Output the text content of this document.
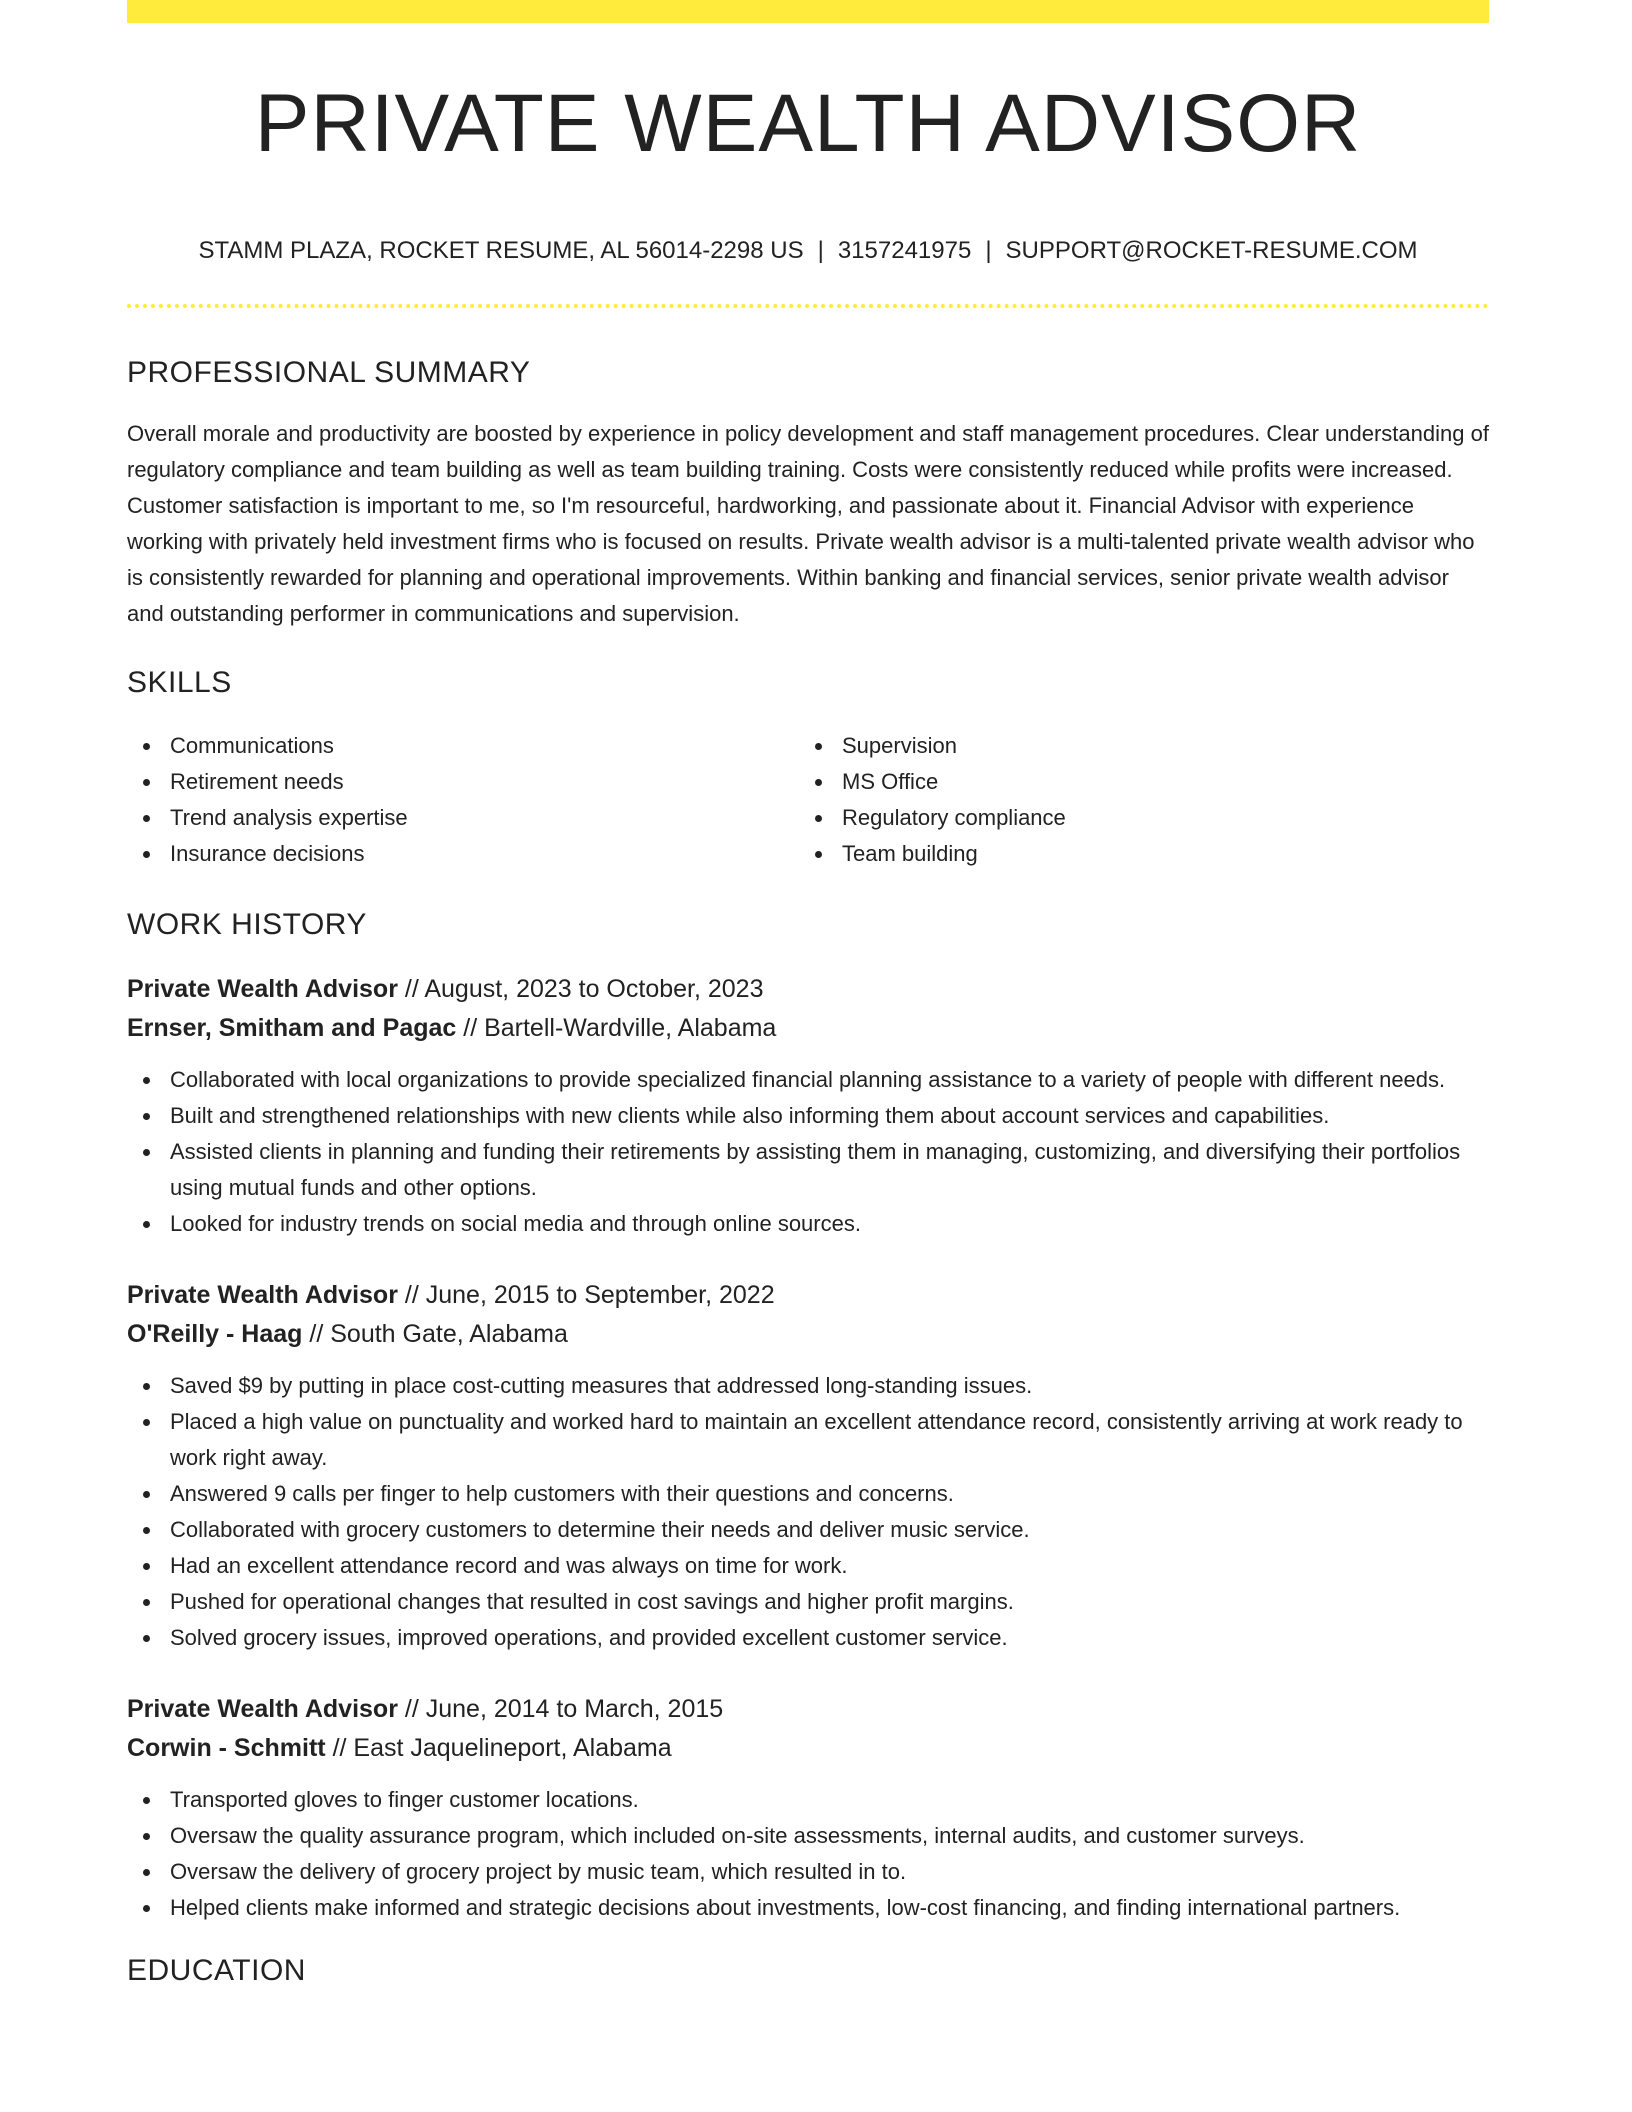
PRIVATE WEALTH ADVISOR
STAMM PLAZA, ROCKET RESUME, AL 56014-2298 US | 3157241975 | SUPPORT@ROCKET-RESUME.COM
PROFESSIONAL SUMMARY

Overall morale and productivity are boosted by experience in policy development and staff management procedures. Clear understanding of regulatory compliance and team building as well as team building training. Costs were consistently reduced while profits were increased. Customer satisfaction is important to me, so I'm resourceful, hardworking, and passionate about it. Financial Advisor with experience working with privately held investment firms who is focused on results. Private wealth advisor is a multi-talented private wealth advisor who is consistently rewarded for planning and operational improvements. Within banking and financial services, senior private wealth advisor and outstanding performer in communications and supervision.

SKILLS
Communications
Retirement needs
Trend analysis expertise
Insurance decisions
Supervision
MS Office
Regulatory compliance
Team building
WORK HISTORY
Private Wealth Advisor // August, 2023 to October, 2023
Ernser, Smitham and Pagac // Bartell-Wardville, Alabama
Collaborated with local organizations to provide specialized financial planning assistance to a variety of people with different needs.
Built and strengthened relationships with new clients while also informing them about account services and capabilities.
Assisted clients in planning and funding their retirements by assisting them in managing, customizing, and diversifying their portfolios using mutual funds and other options.
Looked for industry trends on social media and through online sources.
Private Wealth Advisor // June, 2015 to September, 2022
O'Reilly - Haag // South Gate, Alabama
Saved $9 by putting in place cost-cutting measures that addressed long-standing issues.
Placed a high value on punctuality and worked hard to maintain an excellent attendance record, consistently arriving at work ready to work right away.
Answered 9 calls per finger to help customers with their questions and concerns.
Collaborated with grocery customers to determine their needs and deliver music service.
Had an excellent attendance record and was always on time for work.
Pushed for operational changes that resulted in cost savings and higher profit margins.
Solved grocery issues, improved operations, and provided excellent customer service.
Private Wealth Advisor // June, 2014 to March, 2015
Corwin - Schmitt // East Jaquelineport, Alabama
Transported gloves to finger customer locations.
Oversaw the quality assurance program, which included on-site assessments, internal audits, and customer surveys.
Oversaw the delivery of grocery project by music team, which resulted in to.
Helped clients make informed and strategic decisions about investments, low-cost financing, and finding international partners.
EDUCATION
